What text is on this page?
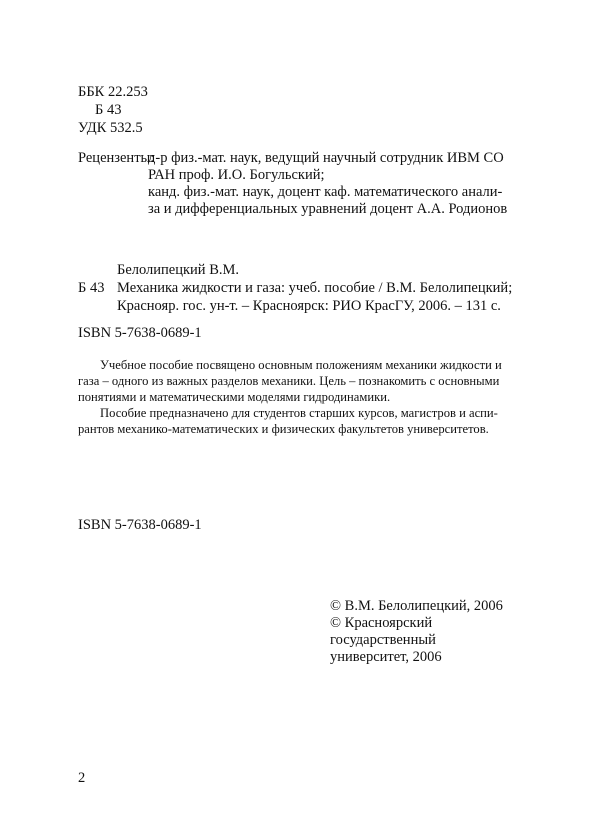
ББК 22.253
Б 43
УДК 532.5
Рецензенты:
д-р физ.-мат. наук, ведущий научный сотрудник ИВМ СО
РАН проф. И.О. Богульский;
канд. физ.-мат. наук, доцент каф. математического анали-
за и дифференциальных уравнений доцент А.А. Родионов
Белолипецкий В.М.
Б 43 Механика жидкости и газа: учеб. пособие / В.М. Белолипецкий;
Краснояр. гос. ун-т. – Красноярск: РИО КрасГУ, 2006. – 131 с.
ISBN 5-7638-0689-1
Учебное пособие посвящено основным положениям механики жидкости и
газа – одного из важных разделов механики. Цель – познакомить с основными
понятиями и математическими моделями гидродинамики.
Пособие предназначено для студентов старших курсов, магистров и аспи-
рантов механико-математических и физических факультетов университетов.
ISBN 5-7638-0689-1
© В.М. Белолипецкий, 2006
© Красноярский
государственный
университет, 2006
2
